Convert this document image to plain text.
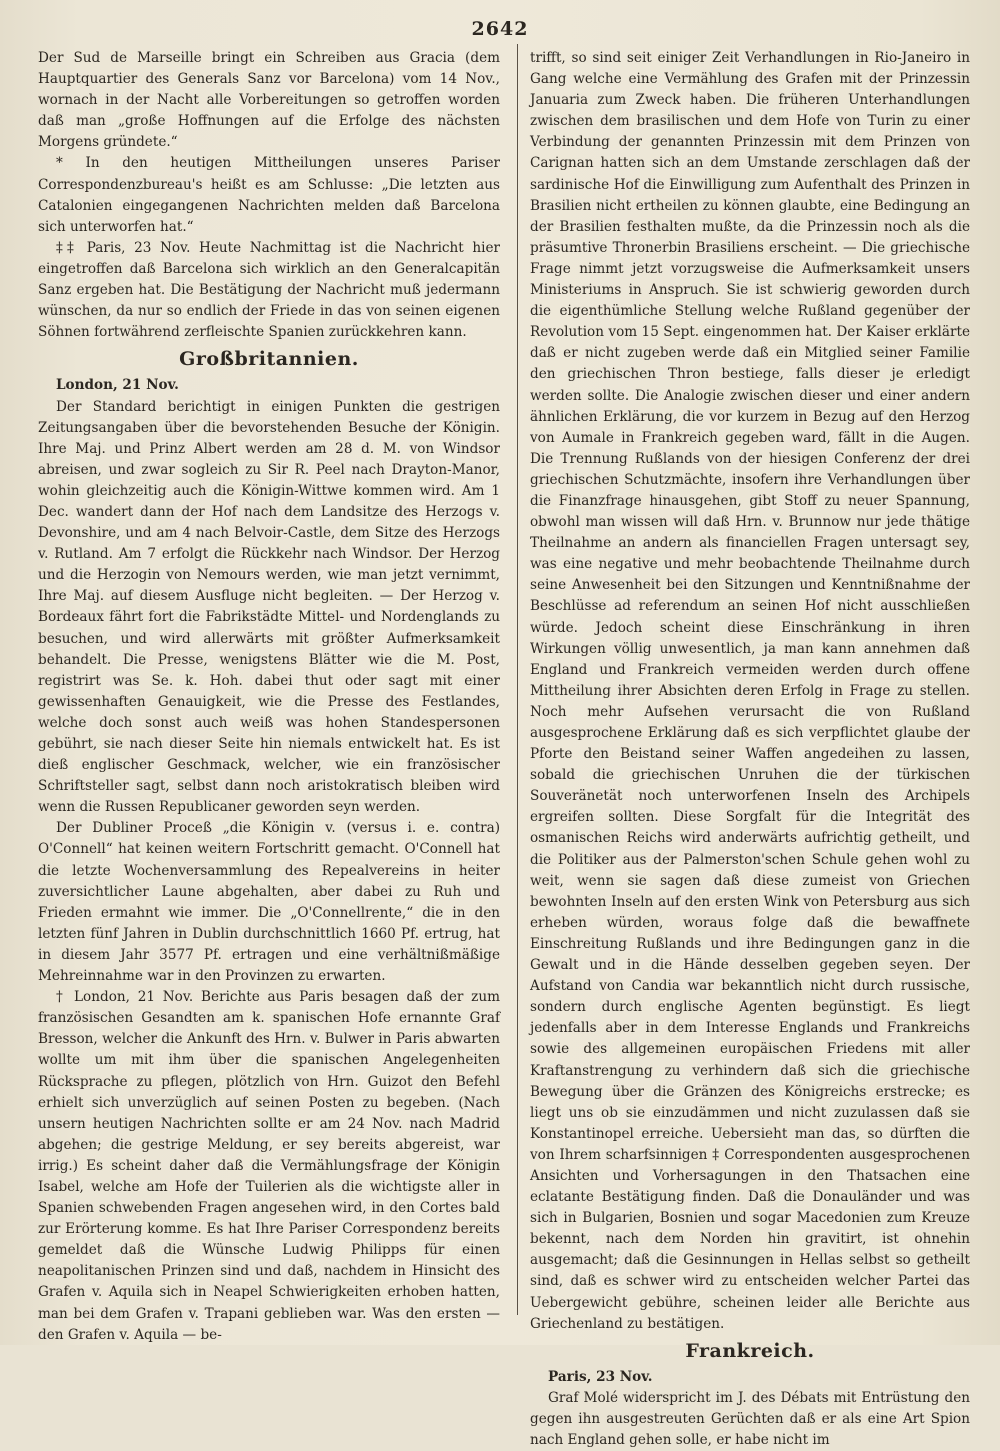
2642

Der Sud de Marseille bringt ein Schreiben aus Gracia (dem Hauptquartier des Generals Sanz vor Barcelona) vom 14 Nov., wornach in der Nacht alle Vorbereitungen so getroffen worden daß man „große Hoffnungen auf die Erfolge des nächsten Morgens gründete.“

* In den heutigen Mittheilungen unseres Pariser Correspondenzbureau's heißt es am Schlusse: „Die letzten aus Catalonien eingegangenen Nachrichten melden daß Barcelona sich unterworfen hat.“

‡‡ Paris, 23 Nov. Heute Nachmittag ist die Nachricht hier eingetroffen daß Barcelona sich wirklich an den Generalcapitän Sanz ergeben hat. Die Bestätigung der Nachricht muß jedermann wünschen, da nur so endlich der Friede in das von seinen eigenen Söhnen fortwährend zerfleischte Spanien zurückkehren kann.

Großbritannien.

London, 21 Nov.

Der Standard berichtigt in einigen Punkten die gestrigen Zeitungsangaben über die bevorstehenden Besuche der Königin. Ihre Maj. und Prinz Albert werden am 28 d. M. von Windsor abreisen, und zwar sogleich zu Sir R. Peel nach Drayton-Manor, wohin gleichzeitig auch die Königin-Wittwe kommen wird. Am 1 Dec. wandert dann der Hof nach dem Landsitze des Herzogs v. Devonshire, und am 4 nach Belvoir-Castle, dem Sitze des Herzogs v. Rutland. Am 7 erfolgt die Rückkehr nach Windsor. Der Herzog und die Herzogin von Nemours werden, wie man jetzt vernimmt, Ihre Maj. auf diesem Ausfluge nicht begleiten. — Der Herzog v. Bordeaux fährt fort die Fabrikstädte Mittel- und Nordenglands zu besuchen, und wird allerwärts mit größter Aufmerksamkeit behandelt. Die Presse, wenigstens Blätter wie die M. Post, registrirt was Se. k. Hoh. dabei thut oder sagt mit einer gewissenhaften Genauigkeit, wie die Presse des Festlandes, welche doch sonst auch weiß was hohen Standespersonen gebührt, sie nach dieser Seite hin niemals entwickelt hat. Es ist dieß englischer Geschmack, welcher, wie ein französischer Schriftsteller sagt, selbst dann noch aristokratisch bleiben wird wenn die Russen Republicaner geworden seyn werden.

Der Dubliner Proceß „die Königin v. (versus i. e. contra) O'Connell“ hat keinen weitern Fortschritt gemacht. O'Connell hat die letzte Wochenversammlung des Repealvereins in heiter zuversichtlicher Laune abgehalten, aber dabei zu Ruh und Frieden ermahnt wie immer. Die „O'Connellrente,“ die in den letzten fünf Jahren in Dublin durchschnittlich 1660 Pf. ertrug, hat in diesem Jahr 3577 Pf. ertragen und eine verhältnißmäßige Mehreinnahme war in den Provinzen zu erwarten.

† London, 21 Nov. Berichte aus Paris besagen daß der zum französischen Gesandten am k. spanischen Hofe ernannte Graf Bresson, welcher die Ankunft des Hrn. v. Bulwer in Paris abwarten wollte um mit ihm über die spanischen Angelegenheiten Rücksprache zu pflegen, plötzlich von Hrn. Guizot den Befehl erhielt sich unverzüglich auf seinen Posten zu begeben. (Nach unsern heutigen Nachrichten sollte er am 24 Nov. nach Madrid abgehen; die gestrige Meldung, er sey bereits abgereist, war irrig.) Es scheint daher daß die Vermählungsfrage der Königin Isabel, welche am Hofe der Tuilerien als die wichtigste aller in Spanien schwebenden Fragen angesehen wird, in den Cortes bald zur Erörterung komme. Es hat Ihre Pariser Correspondenz bereits gemeldet daß die Wünsche Ludwig Philipps für einen neapolitanischen Prinzen sind und daß, nachdem in Hinsicht des Grafen v. Aquila sich in Neapel Schwierigkeiten erhoben hatten, man bei dem Grafen v. Trapani geblieben war. Was den ersten — den Grafen v. Aquila — be-

trifft, so sind seit einiger Zeit Verhandlungen in Rio-Janeiro in Gang welche eine Vermählung des Grafen mit der Prinzessin Januaria zum Zweck haben. Die früheren Unterhandlungen zwischen dem brasilischen und dem Hofe von Turin zu einer Verbindung der genannten Prinzessin mit dem Prinzen von Carignan hatten sich an dem Umstande zerschlagen daß der sardinische Hof die Einwilligung zum Aufenthalt des Prinzen in Brasilien nicht ertheilen zu können glaubte, eine Bedingung an der Brasilien festhalten mußte, da die Prinzessin noch als die präsumtive Thronerbin Brasiliens erscheint. — Die griechische Frage nimmt jetzt vorzugsweise die Aufmerksamkeit unsers Ministeriums in Anspruch. Sie ist schwierig geworden durch die eigenthümliche Stellung welche Rußland gegenüber der Revolution vom 15 Sept. eingenommen hat. Der Kaiser erklärte daß er nicht zugeben werde daß ein Mitglied seiner Familie den griechischen Thron bestiege, falls dieser je erledigt werden sollte. Die Analogie zwischen dieser und einer andern ähnlichen Erklärung, die vor kurzem in Bezug auf den Herzog von Aumale in Frankreich gegeben ward, fällt in die Augen. Die Trennung Rußlands von der hiesigen Conferenz der drei griechischen Schutzmächte, insofern ihre Verhandlungen über die Finanzfrage hinausgehen, gibt Stoff zu neuer Spannung, obwohl man wissen will daß Hrn. v. Brunnow nur jede thätige Theilnahme an andern als financiellen Fragen untersagt sey, was eine negative und mehr beobachtende Theilnahme durch seine Anwesenheit bei den Sitzungen und Kenntnißnahme der Beschlüsse ad referendum an seinen Hof nicht ausschließen würde. Jedoch scheint diese Einschränkung in ihren Wirkungen völlig unwesentlich, ja man kann annehmen daß England und Frankreich vermeiden werden durch offene Mittheilung ihrer Absichten deren Erfolg in Frage zu stellen. Noch mehr Aufsehen verursacht die von Rußland ausgesprochene Erklärung daß es sich verpflichtet glaube der Pforte den Beistand seiner Waffen angedeihen zu lassen, sobald die griechischen Unruhen die der türkischen Souveränetät noch unterworfenen Inseln des Archipels ergreifen sollten. Diese Sorgfalt für die Integrität des osmanischen Reichs wird anderwärts aufrichtig getheilt, und die Politiker aus der Palmerston'schen Schule gehen wohl zu weit, wenn sie sagen daß diese zumeist von Griechen bewohnten Inseln auf den ersten Wink von Petersburg aus sich erheben würden, woraus folge daß die bewaffnete Einschreitung Rußlands und ihre Bedingungen ganz in die Gewalt und in die Hände desselben gegeben seyen. Der Aufstand von Candia war bekanntlich nicht durch russische, sondern durch englische Agenten begünstigt. Es liegt jedenfalls aber in dem Interesse Englands und Frankreichs sowie des allgemeinen europäischen Friedens mit aller Kraftanstrengung zu verhindern daß sich die griechische Bewegung über die Gränzen des Königreichs erstrecke; es liegt uns ob sie einzudämmen und nicht zuzulassen daß sie Konstantinopel erreiche. Uebersieht man das, so dürften die von Ihrem scharfsinnigen ‡ Correspondenten ausgesprochenen Ansichten und Vorhersagungen in den Thatsachen eine eclatante Bestätigung finden. Daß die Donauländer und was sich in Bulgarien, Bosnien und sogar Macedonien zum Kreuze bekennt, nach dem Norden hin gravitirt, ist ohnehin ausgemacht; daß die Gesinnungen in Hellas selbst so getheilt sind, daß es schwer wird zu entscheiden welcher Partei das Uebergewicht gebühre, scheinen leider alle Berichte aus Griechenland zu bestätigen.

Frankreich.

Paris, 23 Nov.

Graf Molé widerspricht im J. des Débats mit Entrüstung den gegen ihn ausgestreuten Gerüchten daß er als eine Art Spion nach England gehen solle, er habe nicht im
